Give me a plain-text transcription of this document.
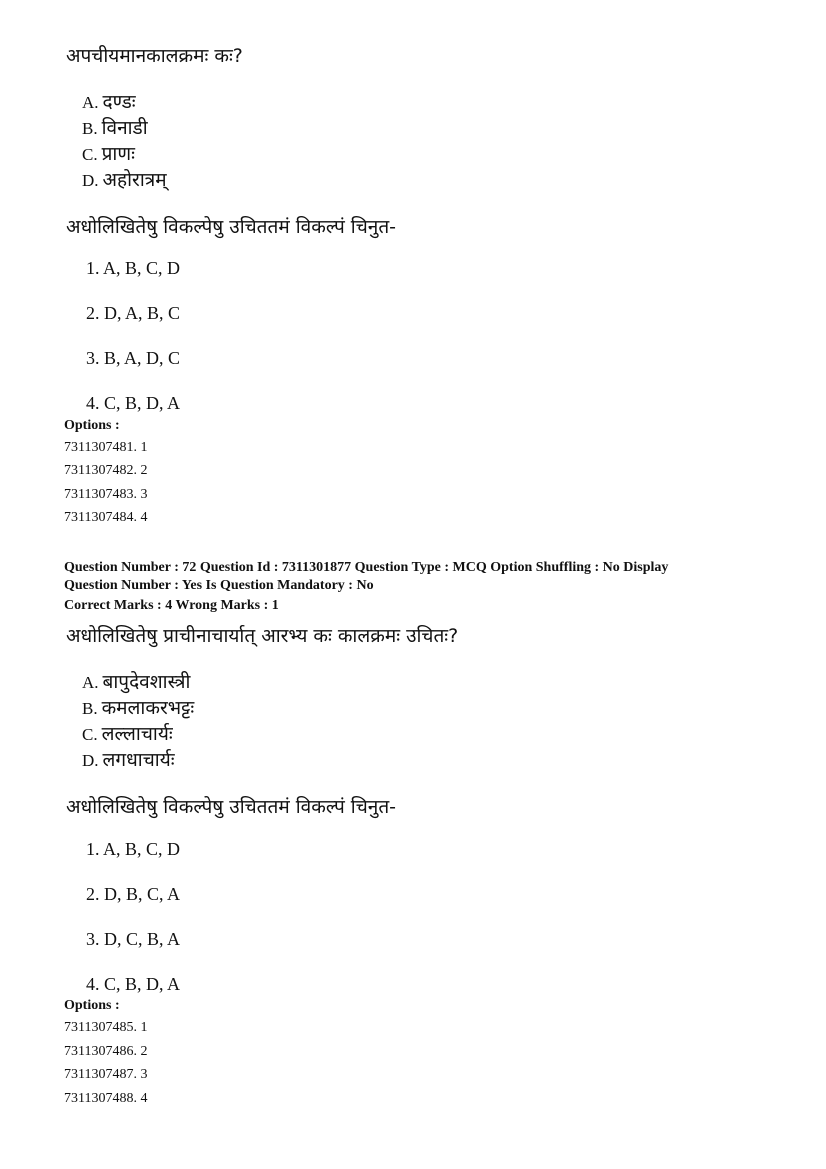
अपचीयमानकालक्रमः कः?
A. दण्डः
B. विनाडी
C. प्राणः
D. अहोरात्रम्
अधोलिखितेषु विकल्पेषु उचिततमं विकल्पं चिनुत-
1. A, B, C, D
2. D, A, B, C
3. B, A, D, C
4. C, B, D, A
Options :
7311307481. 1
7311307482. 2
7311307483. 3
7311307484. 4
Question Number : 72 Question Id : 7311301877 Question Type : MCQ Option Shuffling : No Display
Question Number : Yes Is Question Mandatory : No
Correct Marks : 4 Wrong Marks : 1
अधोलिखितेषु प्राचीनाचार्यात् आरभ्य कः कालक्रमः उचितः?
A. बापुदेवशास्त्री
B. कमलाकरभट्टः
C. लल्लाचार्यः
D. लगधाचार्यः
अधोलिखितेषु विकल्पेषु उचिततमं विकल्पं चिनुत-
1. A, B, C, D
2. D, B, C, A
3. D, C, B, A
4. C, B, D, A
Options :
7311307485. 1
7311307486. 2
7311307487. 3
7311307488. 4
